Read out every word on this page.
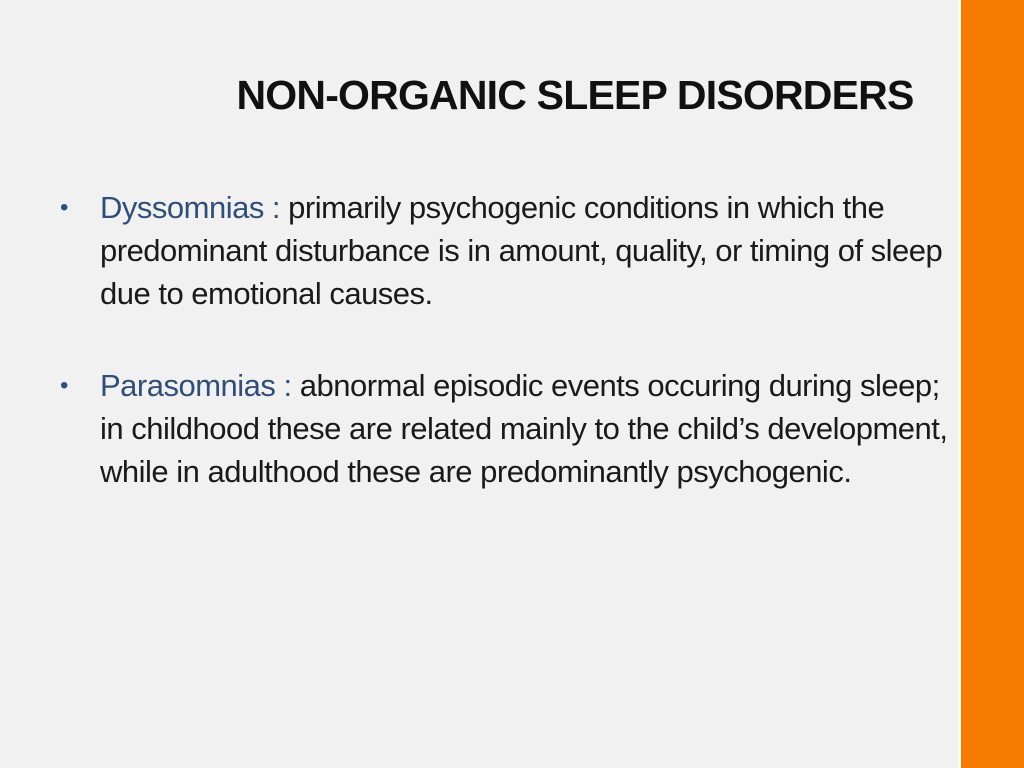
NON-ORGANIC SLEEP DISORDERS
• Dyssomnias : primarily psychogenic conditions in which the predominant disturbance is in amount, quality, or timing of sleep due to emotional causes.
• Parasomnias : abnormal episodic events occuring during sleep; in childhood these are related mainly to the child’s development, while in adulthood these are predominantly psychogenic.
